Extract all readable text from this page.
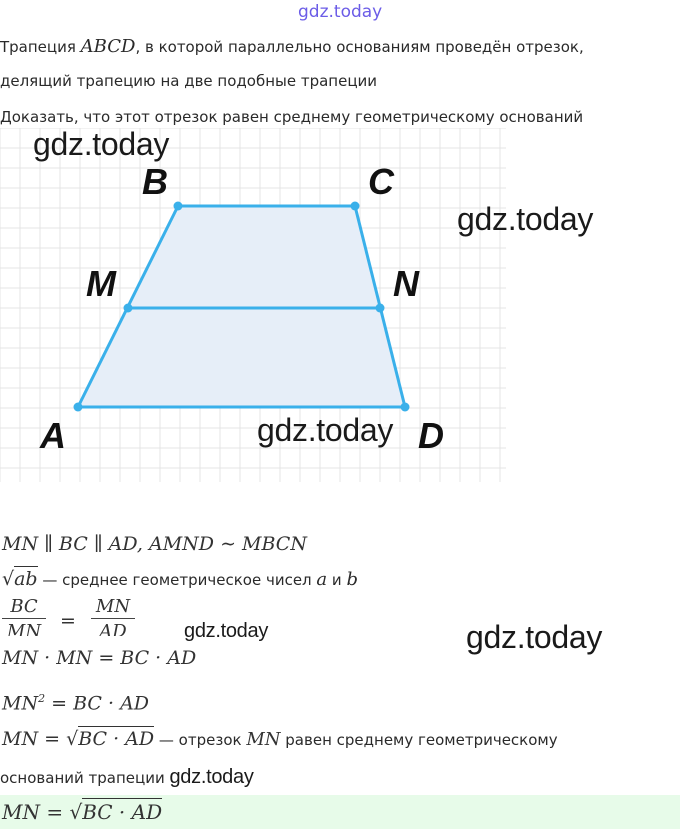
gdz.today
Трапеция ABCD, в которой параллельно основаниям проведён отрезок,
делящий трапецию на две подобные трапеции
Доказать, что этот отрезок равен среднему геометрическому оснований
B	C
M	N
A	D
gdz.today
gdz.today
gdz.today
MN ∥ BC ∥ AD, AMND ∼ MBCN
√ab — среднее геометрическое чисел a и b
BC
MN =
MN
AD	gdz.today	gdz.today
MN · MN = BC · AD
$MN^2$ = BC · AD
MN = √BC · AD — отрезок MN равен среднему геометрическому
оснований трапеции gdz.today
MN = √BC · AD
